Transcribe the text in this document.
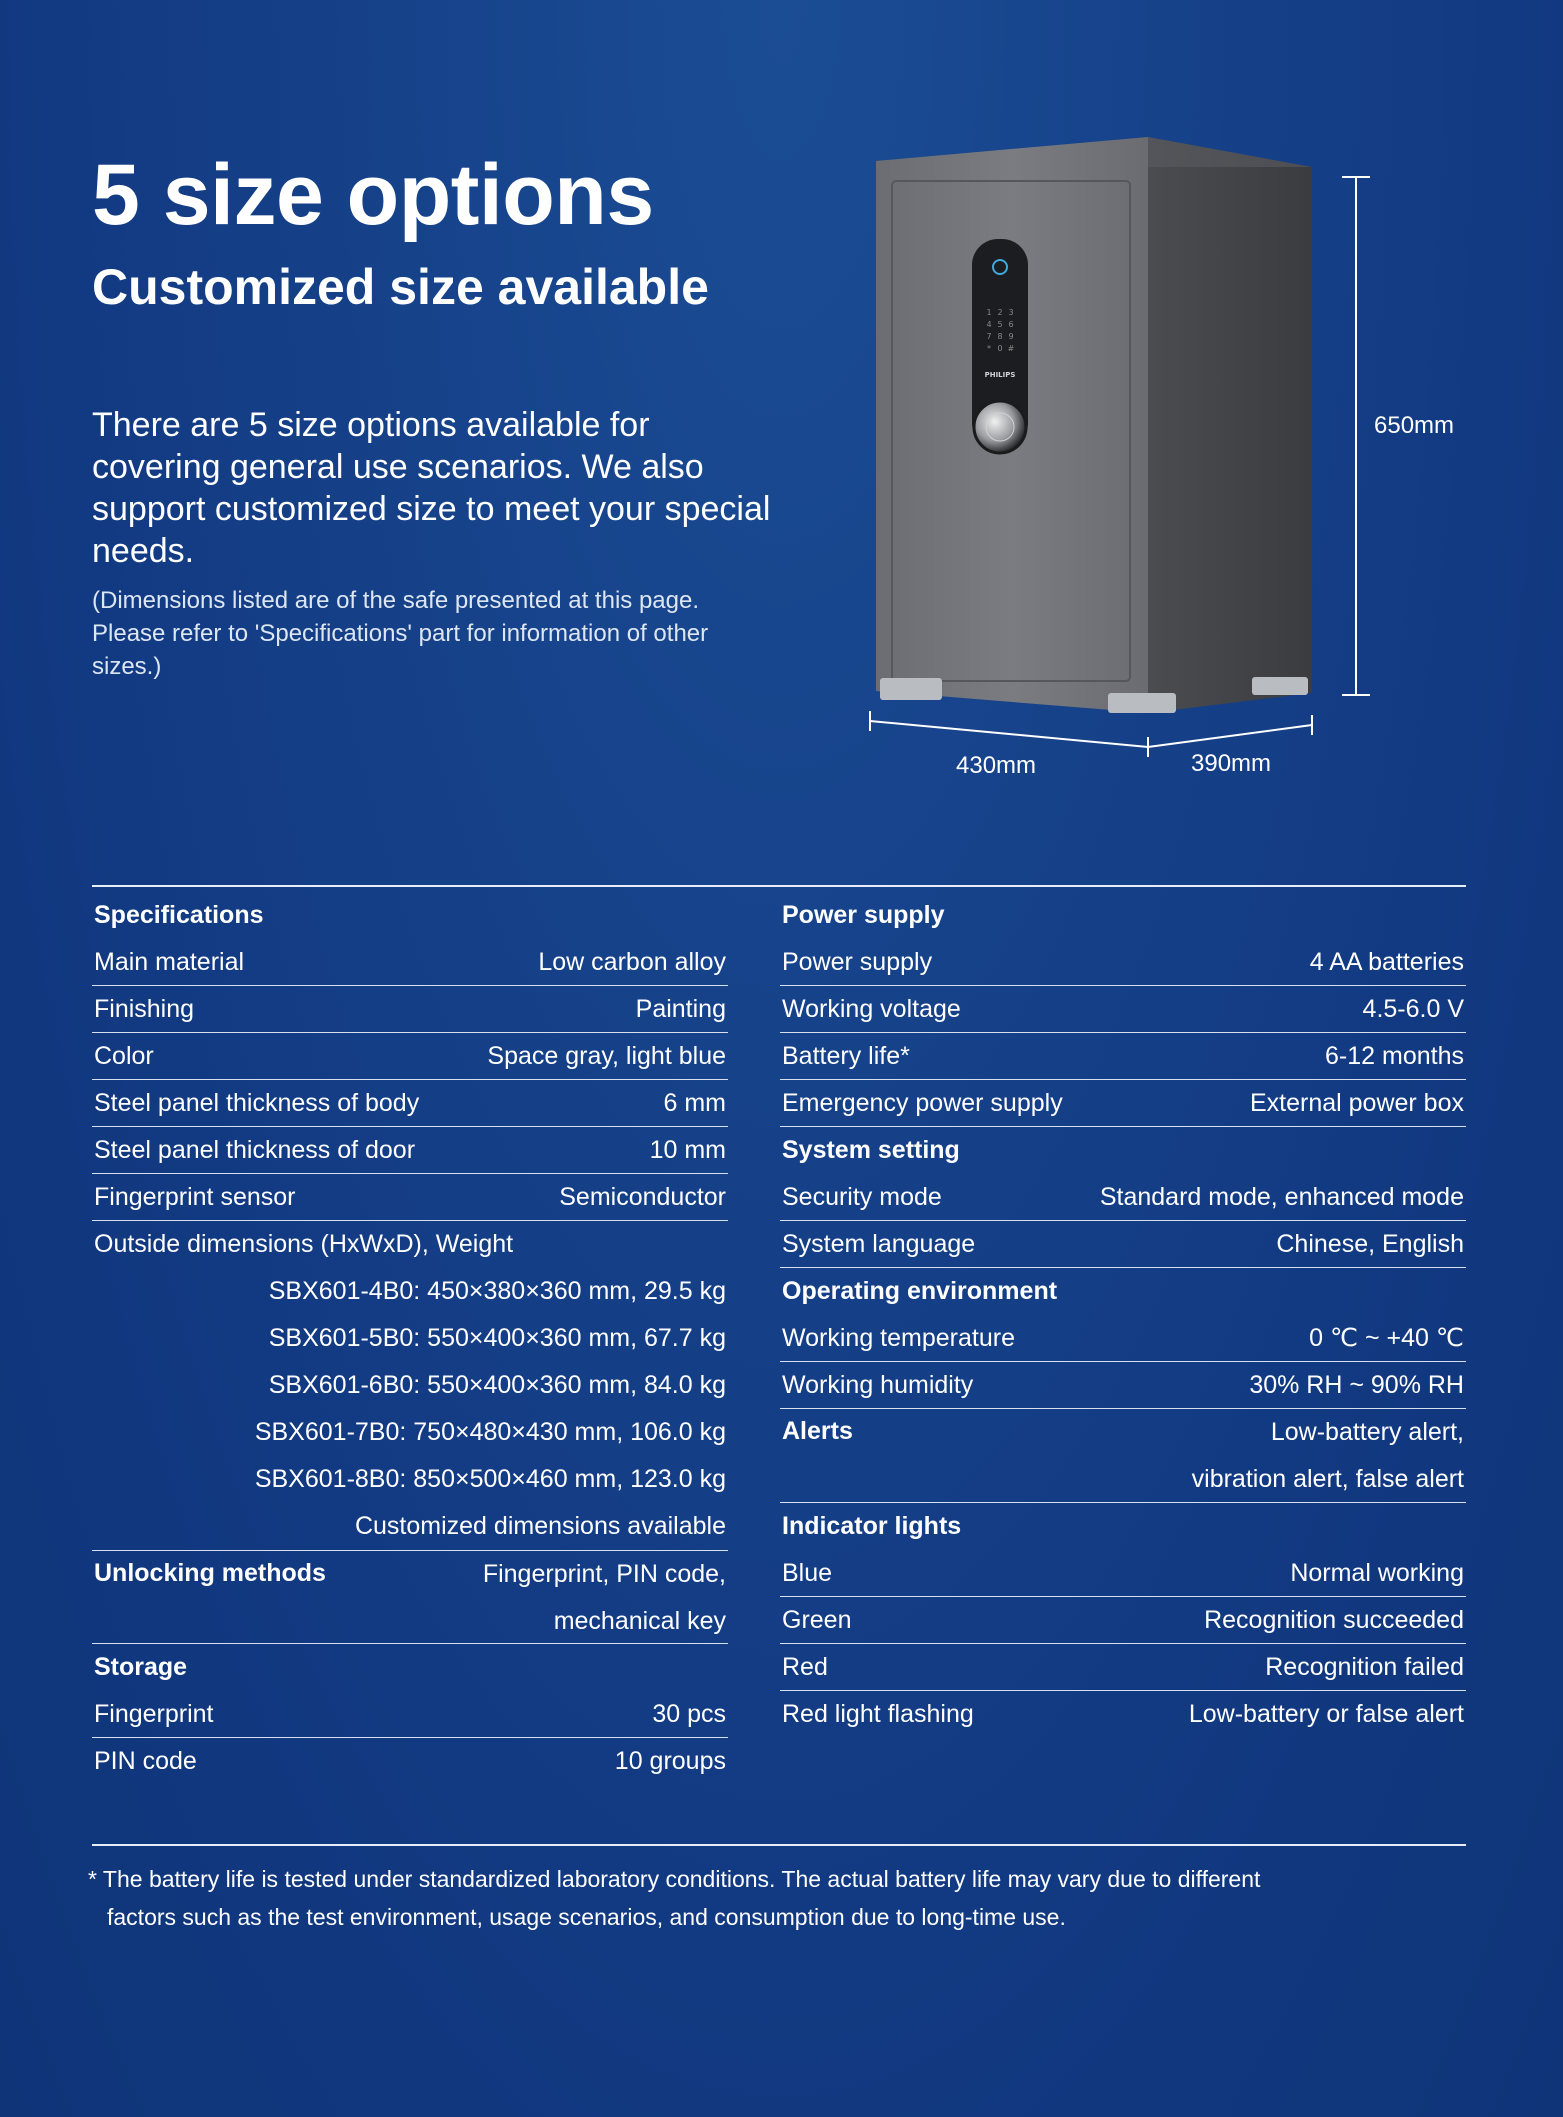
5 size options
Customized size available
There are 5 size options available for covering general use scenarios. We also support customized size to meet your special needs.
(Dimensions listed are of the safe presented at this page. Please refer to 'Specifications' part for information of other sizes.)
1 2 3
4 5 6
7 8 9
* 0 #
PHILIPS
650mm
430mm	390mm
Specifications
Main material	Low carbon alloy
Finishing	Painting
Color	Space gray, light blue
Steel panel thickness of body	6 mm
Steel panel thickness of door	10 mm
Fingerprint sensor	Semiconductor
Outside dimensions (HxWxD), Weight
SBX601-4B0: 450×380×360 mm, 29.5 kg
SBX601-5B0: 550×400×360 mm, 67.7 kg
SBX601-6B0: 550×400×360 mm, 84.0 kg
SBX601-7B0: 750×480×430 mm, 106.0 kg
SBX601-8B0: 850×500×460 mm, 123.0 kg
Customized dimensions available
Unlocking methods	Fingerprint, PIN code,
mechanical key
Storage
Fingerprint	30 pcs
PIN code	10 groups
Power supply
Power supply	4 AA batteries
Working voltage	4.5-6.0 V
Battery life*	6-12 months
Emergency power supply	External power box
System setting
Security mode	Standard mode, enhanced mode
System language	Chinese, English
Operating environment
Working temperature	0 ℃ ~ +40 ℃
Working humidity	30% RH ~ 90% RH
Alerts	Low-battery alert,
vibration alert, false alert
Indicator lights
Blue	Normal working
Green	Recognition succeeded
Red	Recognition failed
Red light flashing	Low-battery or false alert
* The battery life is tested under standardized laboratory conditions. The actual battery life may vary due to different
factors such as the test environment, usage scenarios, and consumption due to long-time use.
